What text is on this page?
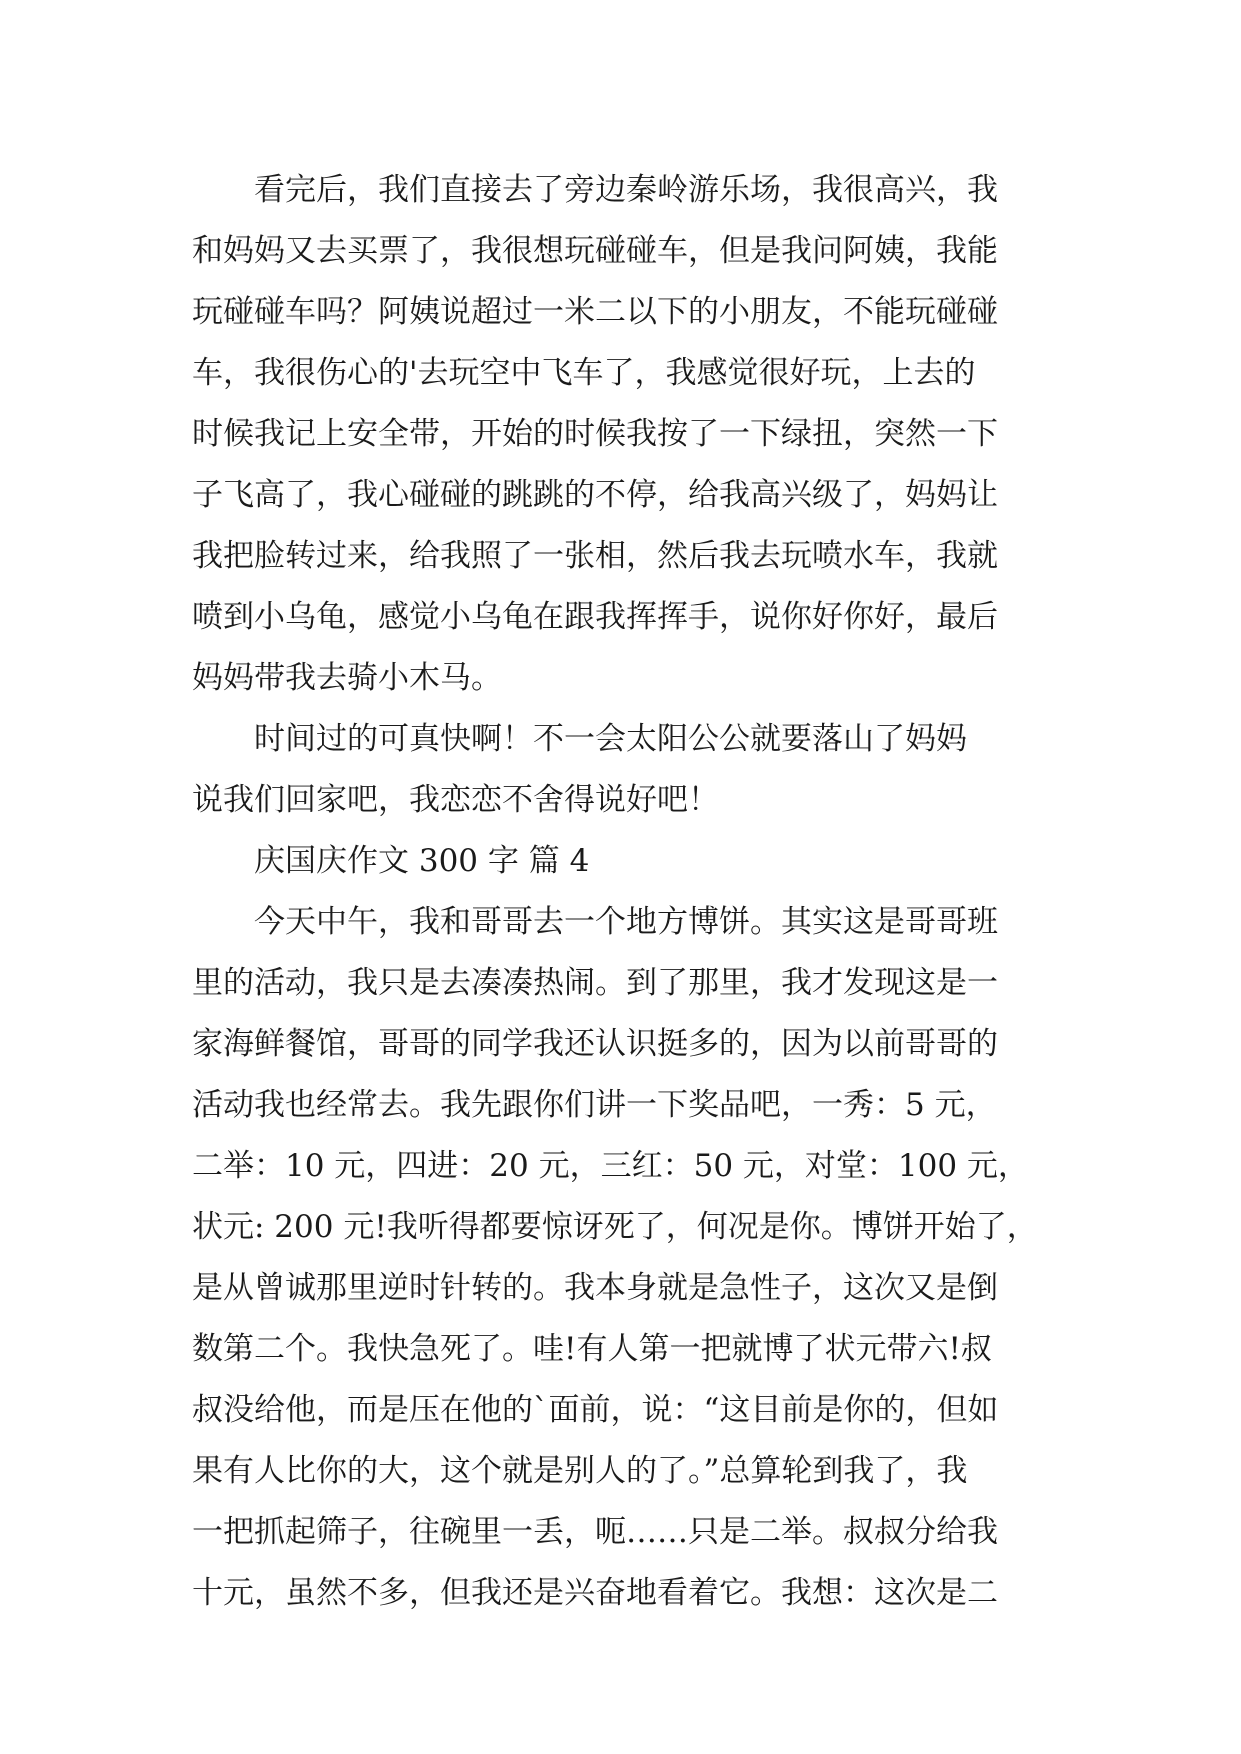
　　看完后，我们直接去了旁边秦岭游乐场，我很高兴，我

和妈妈又去买票了，我很想玩碰碰车，但是我问阿姨，我能

玩碰碰车吗？阿姨说超过一米二以下的小朋友，不能玩碰碰

车，我很伤心的'去玩空中飞车了，我感觉很好玩，上去的

时候我记上安全带，开始的时候我按了一下绿扭，突然一下

子飞高了，我心碰碰的跳跳的不停，给我高兴级了，妈妈让

我把脸转过来，给我照了一张相，然后我去玩喷水车，我就

喷到小乌龟，感觉小乌龟在跟我挥挥手，说你好你好，最后

妈妈带我去骑小木马。

　　时间过的可真快啊！不一会太阳公公就要落山了妈妈

说我们回家吧，我恋恋不舍得说好吧！

　　庆国庆作文 300 字 篇 4

　　今天中午，我和哥哥去一个地方博饼。其实这是哥哥班

里的活动，我只是去凑凑热闹。到了那里，我才发现这是一

家海鲜餐馆，哥哥的同学我还认识挺多的，因为以前哥哥的

活动我也经常去。我先跟你们讲一下奖品吧，一秀：5 元，

二举：10 元，四进：20 元，三红：50 元，对堂：100 元，

状元: 200 元!我听得都要惊讶死了，何况是你。博饼开始了，

是从曾诚那里逆时针转的。我本身就是急性子，这次又是倒

数第二个。我快急死了。哇!有人第一把就博了状元带六!叔

叔没给他，而是压在他的`面前，说：“这目前是你的，但如

果有人比你的大，这个就是别人的了。”总算轮到我了，我

一把抓起筛子，往碗里一丢，呃……只是二举。叔叔分给我

十元，虽然不多，但我还是兴奋地看着它。我想：这次是二
